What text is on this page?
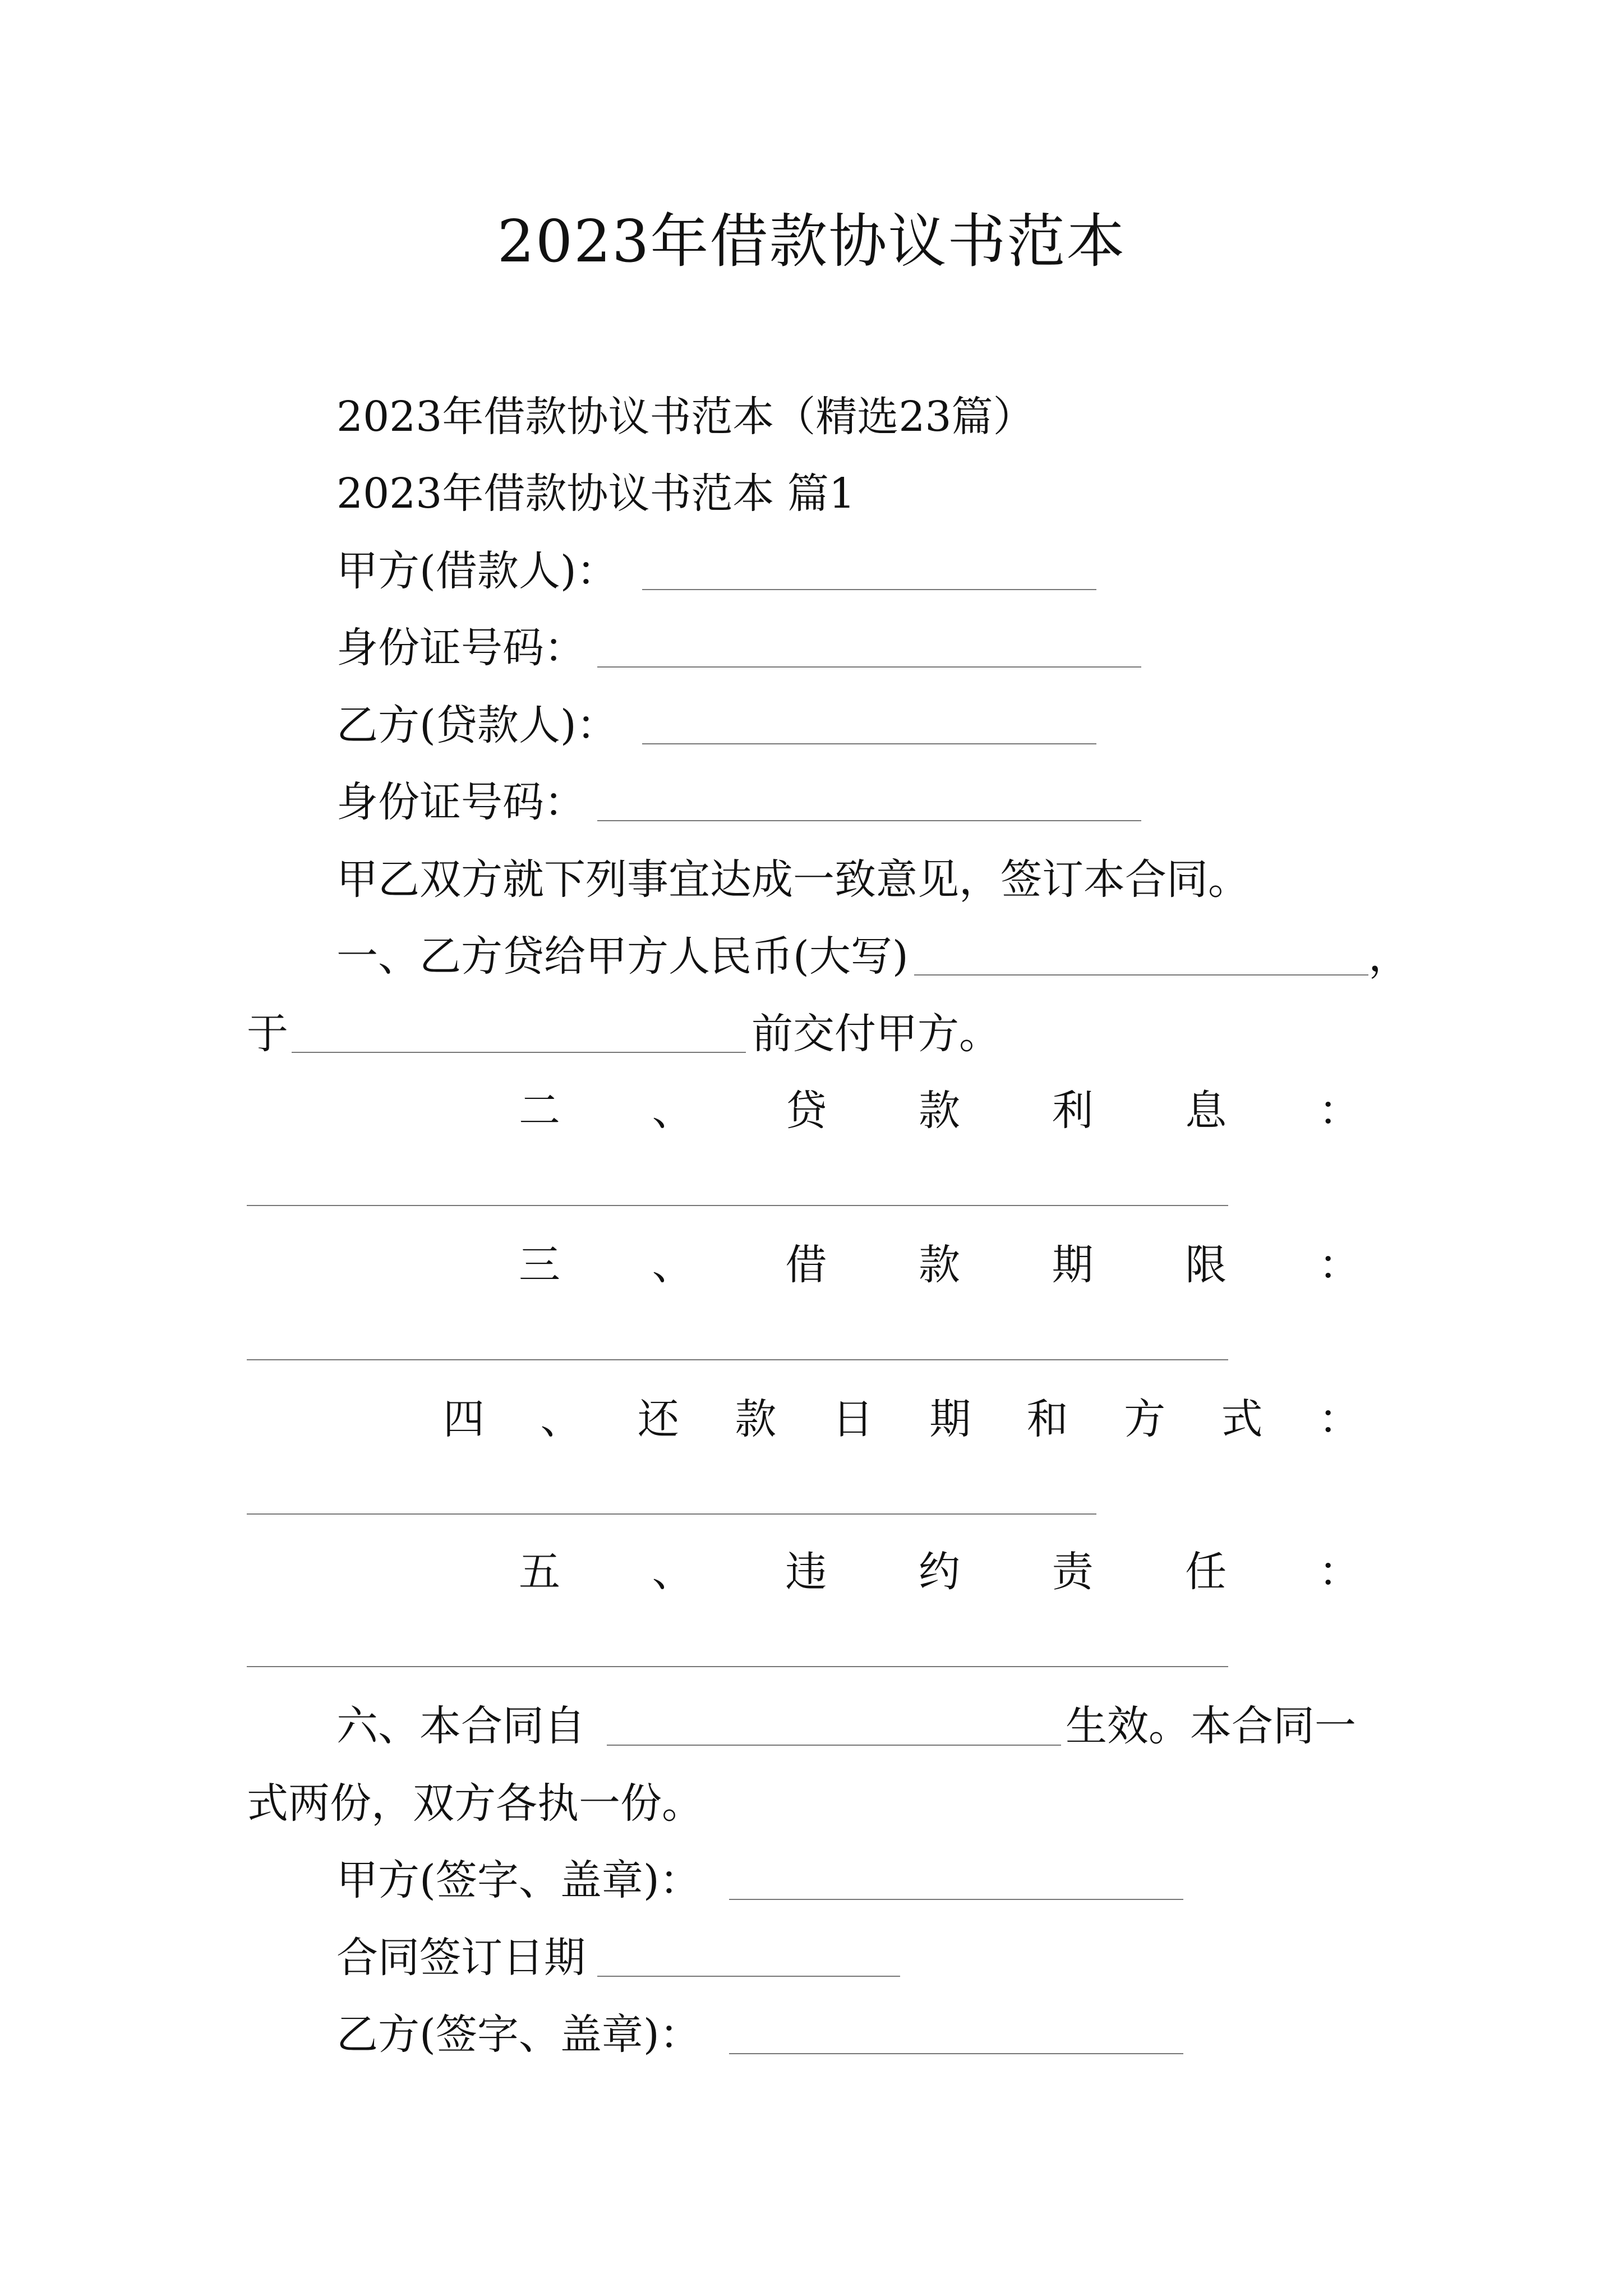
2023年借款协议书范本
2023年借款协议书范本（精选23篇）
2023年借款协议书范本 篇1
甲方(借款人)：
身份证号码：
乙方(贷款人)：
身份证号码：
甲乙双方就下列事宜达成一致意见，签订本合同。
一、乙方贷给甲方人民币(大写)	，
于	前交付甲方。
二 、 贷 款 利 息 ：
三 、 借 款 期 限 ：
四 、 还 款 日 期 和 方 式 ：
五 、 违 约 责 任 ：
六、本合同自	生效。本合同一
式两份，双方各执一份。
甲方(签字、盖章)：
合同签订日期
乙方(签字、盖章)：
